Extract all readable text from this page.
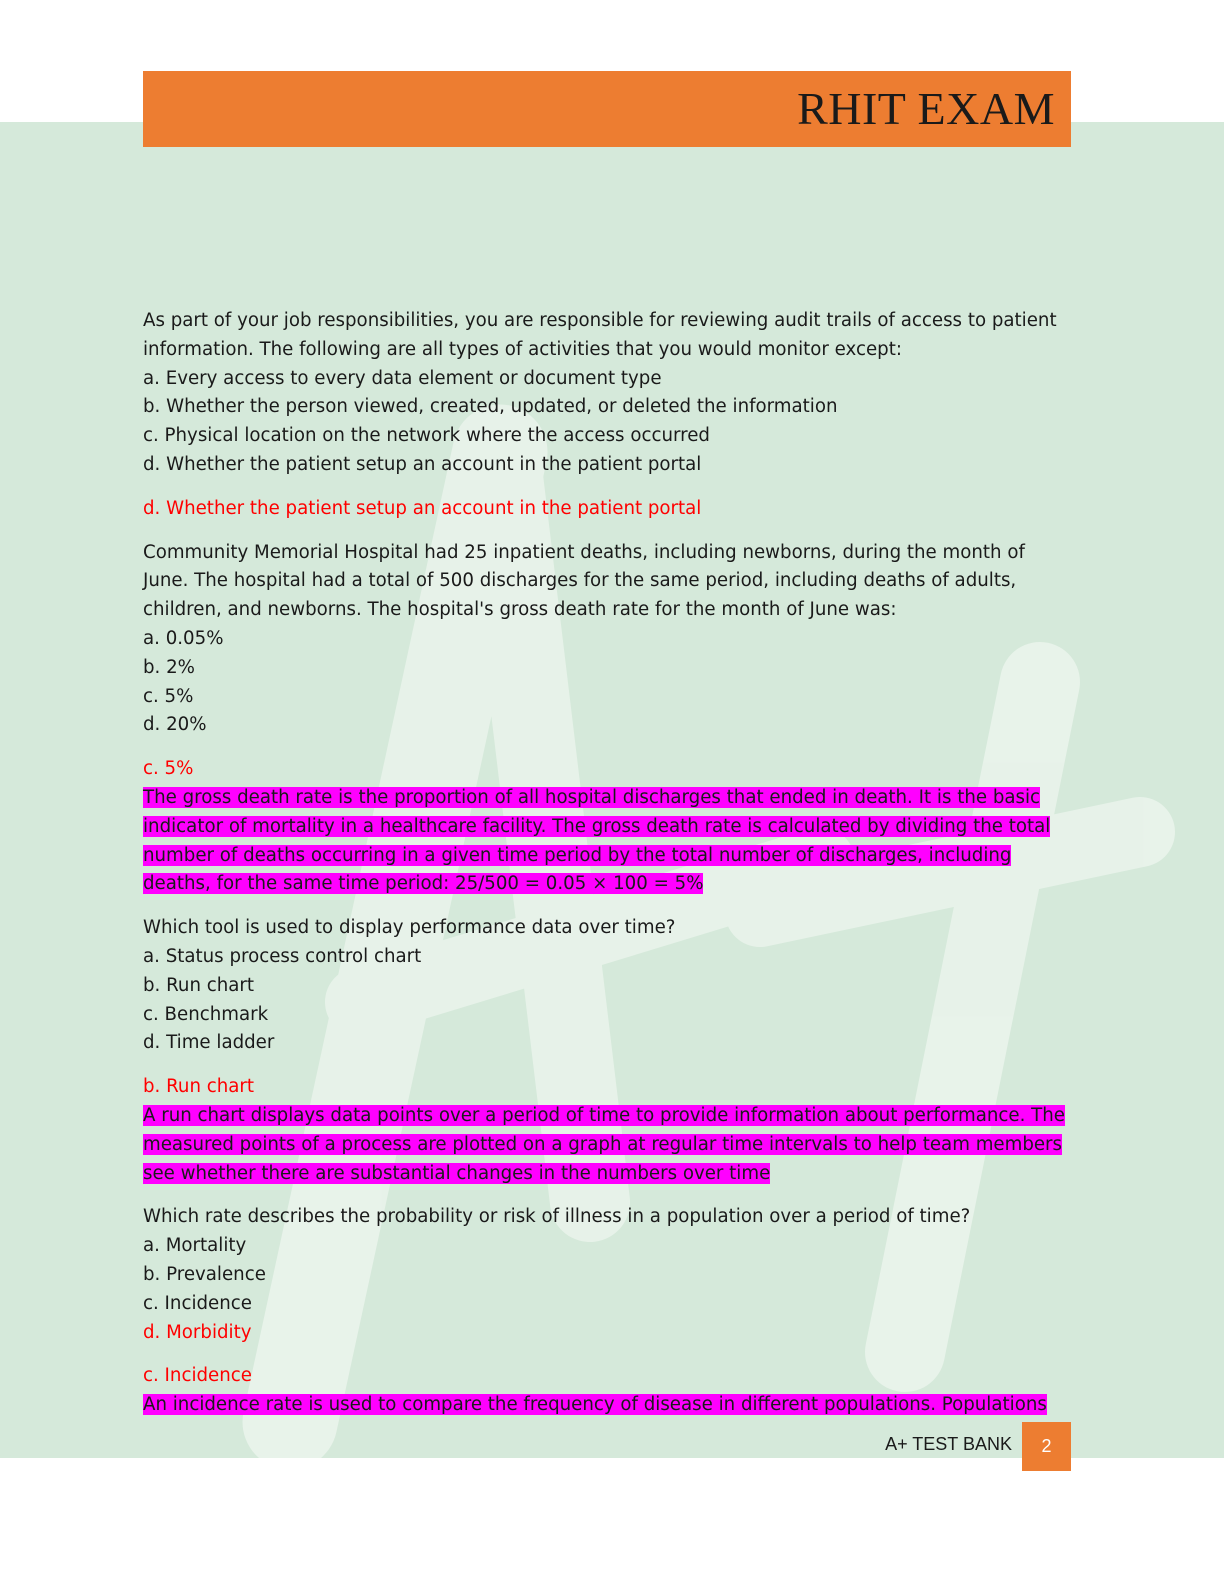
RHIT EXAM
As part of your job responsibilities, you are responsible for reviewing audit trails of access to patient
information. The following are all types of activities that you would monitor except:
a. Every access to every data element or document type
b. Whether the person viewed, created, updated, or deleted the information
c. Physical location on the network where the access occurred
d. Whether the patient setup an account in the patient portal
d. Whether the patient setup an account in the patient portal
Community Memorial Hospital had 25 inpatient deaths, including newborns, during the month of
June. The hospital had a total of 500 discharges for the same period, including deaths of adults,
children, and newborns. The hospital's gross death rate for the month of June was:
a. 0.05%
b. 2%
c. 5%
d. 20%
c. 5%
The gross death rate is the proportion of all hospital discharges that ended in death. It is the basic
indicator of mortality in a healthcare facility. The gross death rate is calculated by dividing the total
number of deaths occurring in a given time period by the total number of discharges, including
deaths, for the same time period: 25/500 = 0.05 × 100 = 5%
Which tool is used to display performance data over time?
a. Status process control chart
b. Run chart
c. Benchmark
d. Time ladder
b. Run chart
A run chart displays data points over a period of time to provide information about performance. The
measured points of a process are plotted on a graph at regular time intervals to help team members
see whether there are substantial changes in the numbers over time
Which rate describes the probability or risk of illness in a population over a period of time?
a. Mortality
b. Prevalence
c. Incidence
d. Morbidity
c. Incidence
An incidence rate is used to compare the frequency of disease in different populations. Populations
A+ TEST BANK	2
